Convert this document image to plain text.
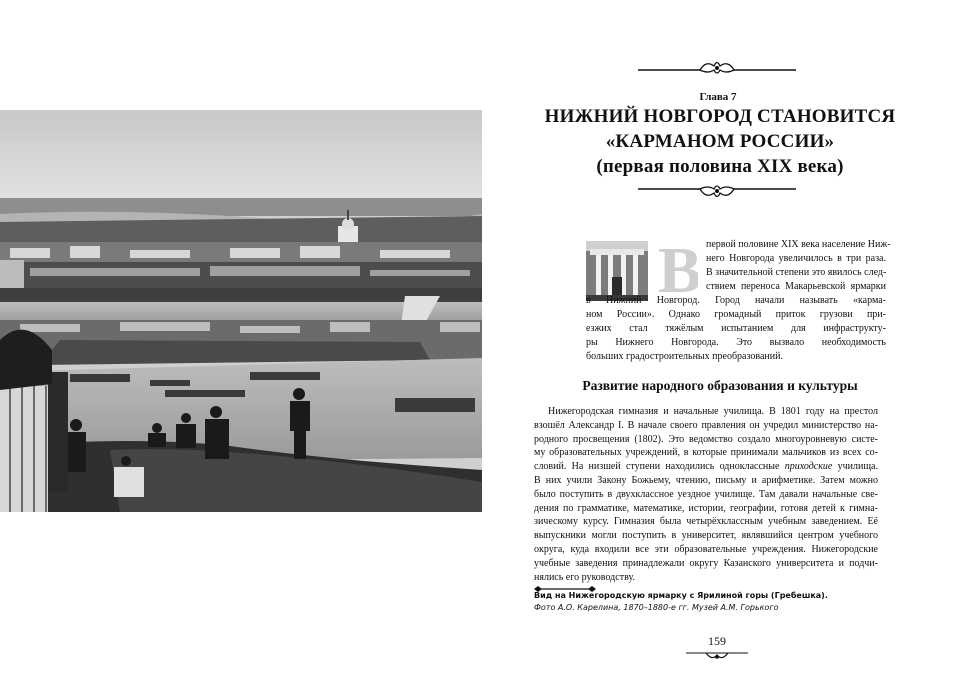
Глава 7
НИЖНИЙ НОВГОРОД СТАНОВИТСЯ
«КАРМАНОМ РОССИИ»
(первая половина XIX века)
В первой половине XIX века население Ниж-
него Новгорода увеличилось в три раза.
В значительной степени это явилось след-
ствием переноса Макарьевской ярмарки
в Нижний Новгород. Город начали называть «карма-
ном России». Однако громадный приток грузови при-
езжих стал тяжёлым испытанием для инфраструкту-
ры Нижнего Новгорода. Это вызвало необходимость
больших градостроительных преобразований.
Развитие народного образования и культуры
Нижегородская гимназия и начальные училища. В 1801 году на престол
взошёл Александр I. В начале своего правления он учредил министерство на-
родного просвещения (1802). Это ведомство создало многоуровневую систе-
му образовательных учреждений, в которые принимали мальчиков из всех со-
словий. На низшей ступени находились одноклассные приходские училища.
В них учили Закону Божьему, чтению, письму и арифметике. Затем можно
было поступить в двухклассное уездное училище. Там давали начальные све-
дения по грамматике, математике, истории, географии, готовя детей к гимна-
зическому курсу. Гимназия была четырёхклассным учебным заведением. Её
выпускники могли поступить в университет, являвшийся центром учебного
округа, куда входили все эти образовательные учреждения. Нижегородские
учебные заведения принадлежали округу Казанского университета и подчи-
нялись его руководству.
Вид на Нижегородскую ярмарку с Ярилиной горы (Гребешка).
Фото А.О. Карелина, 1870–1880-е гг. Музей А.М. Горького
159
